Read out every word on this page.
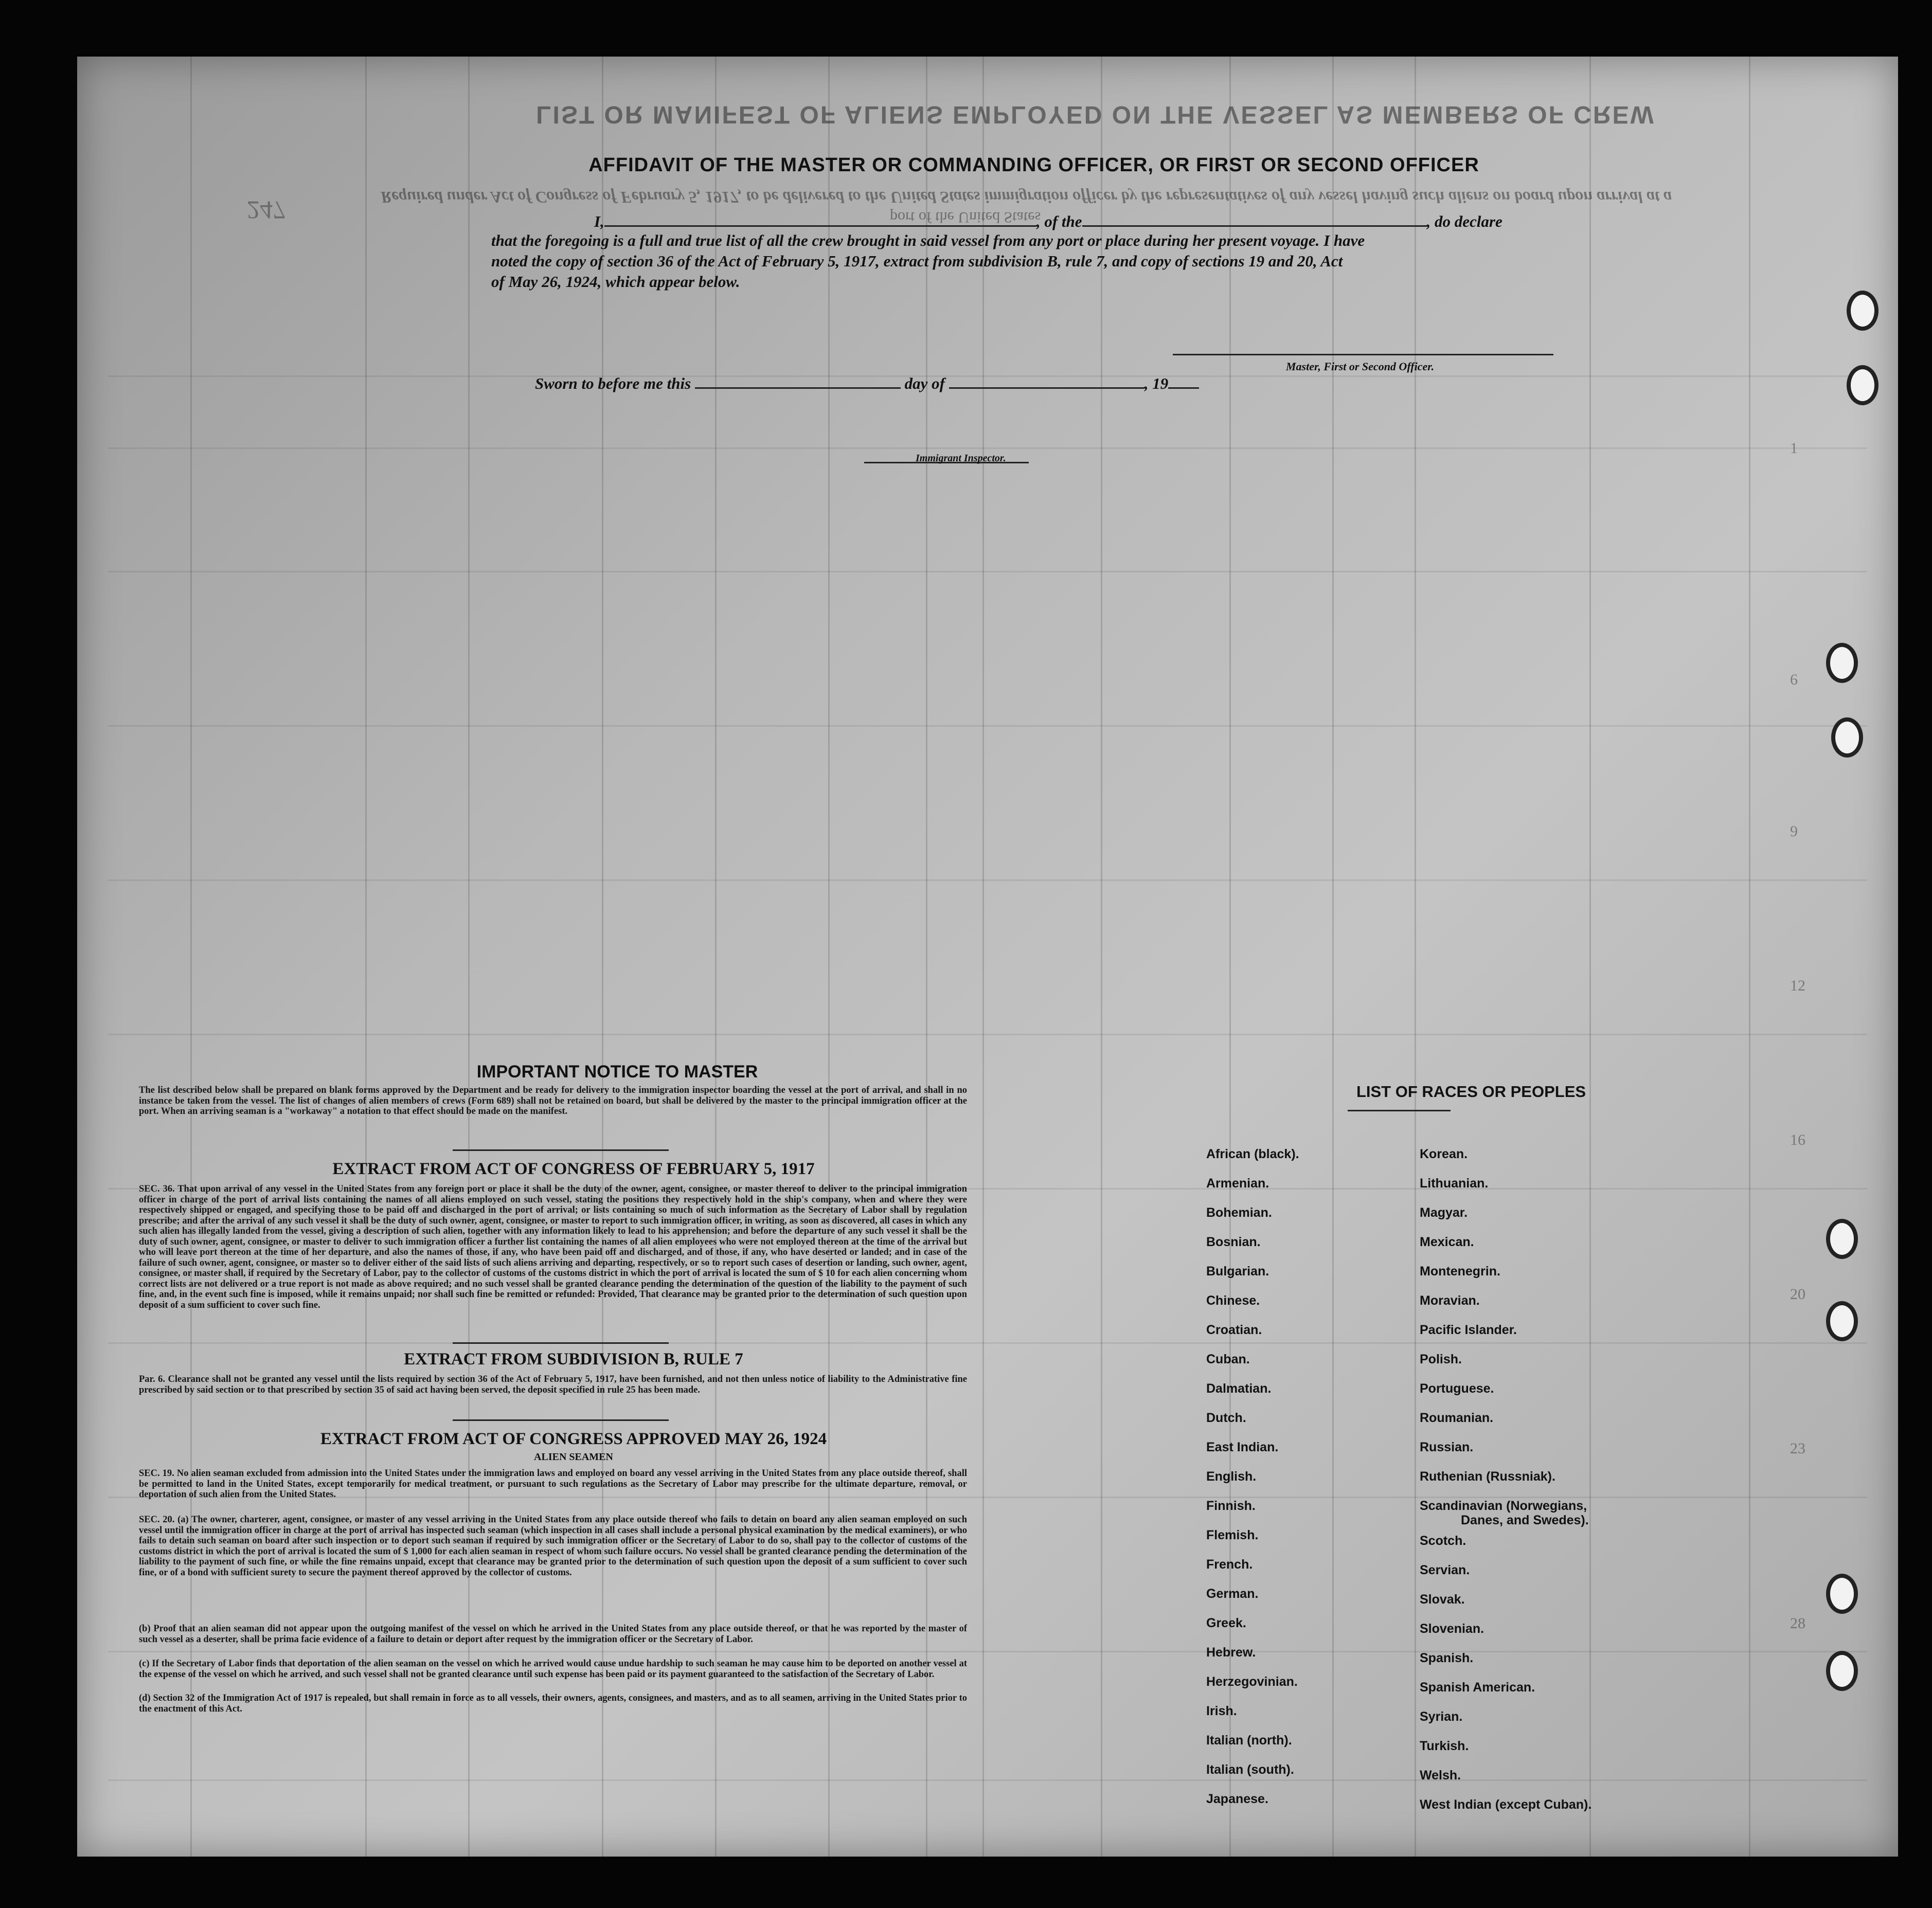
LIST OR MANIFEST OF ALIENS EMPLOYED ON THE VESSEL AS MEMBERS OF CREW
Required under Act of Congress of February 5, 1917, to be delivered to the United States immigration officer by the representatives of any vessel having such aliens on board upon arrival at a
port of the United States
247
1
6
9
12
16
20
23
28
AFFIDAVIT OF THE MASTER OR COMMANDING OFFICER, OR FIRST OR SECOND OFFICER
I,	, of the	, do declare
that the foregoing is a full and true list of all the crew brought in said vessel from any port or place during her present voyage. I have
noted the copy of section 36 of the Act of February 5, 1917, extract from subdivision B, rule 7, and copy of sections 19 and 20, Act
of May 26, 1924, which appear below.
Master, First or Second Officer.
Sworn to before me this	day of	, 19
Immigrant Inspector.
IMPORTANT NOTICE TO MASTER
The list described below shall be prepared on blank forms approved by the Department and be ready for delivery to the immigration inspector boarding the vessel at the port of arrival, and shall in no instance be taken from the vessel. The list of changes of alien members of crews (Form 689) shall not be retained on board, but shall be delivered by the master to the principal immigration officer at the port. When an arriving seaman is a "workaway" a notation to that effect should be made on the manifest.
EXTRACT FROM ACT OF CONGRESS OF FEBRUARY 5, 1917
SEC. 36. That upon arrival of any vessel in the United States from any foreign port or place it shall be the duty of the owner, agent, consignee, or master thereof to deliver to the principal immigration officer in charge of the port of arrival lists containing the names of all aliens employed on such vessel, stating the positions they respectively hold in the ship's company, when and where they were respectively shipped or engaged, and specifying those to be paid off and discharged in the port of arrival; or lists containing so much of such information as the Secretary of Labor shall by regulation prescribe; and after the arrival of any such vessel it shall be the duty of such owner, agent, consignee, or master to report to such immigration officer, in writing, as soon as discovered, all cases in which any such alien has illegally landed from the vessel, giving a description of such alien, together with any information likely to lead to his apprehension; and before the departure of any such vessel it shall be the duty of such owner, agent, consignee, or master to deliver to such immigration officer a further list containing the names of all alien employees who were not employed thereon at the time of the arrival but who will leave port thereon at the time of her departure, and also the names of those, if any, who have been paid off and discharged, and of those, if any, who have deserted or landed; and in case of the failure of such owner, agent, consignee, or master so to deliver either of the said lists of such aliens arriving and departing, respectively, or so to report such cases of desertion or landing, such owner, agent, consignee, or master shall, if required by the Secretary of Labor, pay to the collector of customs of the customs district in which the port of arrival is located the sum of $ 10 for each alien concerning whom correct lists are not delivered or a true report is not made as above required; and no such vessel shall be granted clearance pending the determination of the question of the liability to the payment of such fine, and, in the event such fine is imposed, while it remains unpaid; nor shall such fine be remitted or refunded: Provided, That clearance may be granted prior to the determination of such question upon deposit of a sum sufficient to cover such fine.
EXTRACT FROM SUBDIVISION B, RULE 7
Par. 6. Clearance shall not be granted any vessel until the lists required by section 36 of the Act of February 5, 1917, have been furnished, and not then unless notice of liability to the Administrative fine prescribed by said section or to that prescribed by section 35 of said act having been served, the deposit specified in rule 25 has been made.
EXTRACT FROM ACT OF CONGRESS APPROVED MAY 26, 1924
ALIEN SEAMEN
SEC. 19. No alien seaman excluded from admission into the United States under the immigration laws and employed on board any vessel arriving in the United States from any place outside thereof, shall be permitted to land in the United States, except temporarily for medical treatment, or pursuant to such regulations as the Secretary of Labor may prescribe for the ultimate departure, removal, or deportation of such alien from the United States.
SEC. 20. (a) The owner, charterer, agent, consignee, or master of any vessel arriving in the United States from any place outside thereof who fails to detain on board any alien seaman employed on such vessel until the immigration officer in charge at the port of arrival has inspected such seaman (which inspection in all cases shall include a personal physical examination by the medical examiners), or who fails to detain such seaman on board after such inspection or to deport such seaman if required by such immigration officer or the Secretary of Labor to do so, shall pay to the collector of customs of the customs district in which the port of arrival is located the sum of $ 1,000 for each alien seaman in respect of whom such failure occurs. No vessel shall be granted clearance pending the determination of the liability to the payment of such fine, or while the fine remains unpaid, except that clearance may be granted prior to the determination of such question upon the deposit of a sum sufficient to cover such fine, or of a bond with sufficient surety to secure the payment thereof approved by the collector of customs.
(b) Proof that an alien seaman did not appear upon the outgoing manifest of the vessel on which he arrived in the United States from any place outside thereof, or that he was reported by the master of such vessel as a deserter, shall be prima facie evidence of a failure to detain or deport after request by the immigration officer or the Secretary of Labor.
(c) If the Secretary of Labor finds that deportation of the alien seaman on the vessel on which he arrived would cause undue hardship to such seaman he may cause him to be deported on another vessel at the expense of the vessel on which he arrived, and such vessel shall not be granted clearance until such expense has been paid or its payment guaranteed to the satisfaction of the Secretary of Labor.
(d) Section 32 of the Immigration Act of 1917 is repealed, but shall remain in force as to all vessels, their owners, agents, consignees, and masters, and as to all seamen, arriving in the United States prior to the enactment of this Act.
LIST OF RACES OR PEOPLES
African (black).
Armenian.
Bohemian.
Bosnian.
Bulgarian.
Chinese.
Croatian.
Cuban.
Dalmatian.
Dutch.
East Indian.
English.
Finnish.
Flemish.
French.
German.
Greek.
Hebrew.
Herzegovinian.
Irish.
Italian (north).
Italian (south).
Japanese.
Korean.
Lithuanian.
Magyar.
Mexican.
Montenegrin.
Moravian.
Pacific Islander.
Polish.
Portuguese.
Roumanian.
Russian.
Ruthenian (Russniak).
Scandinavian (Norwegians,
Danes, and Swedes).
Scotch.
Servian.
Slovak.
Slovenian.
Spanish.
Spanish American.
Syrian.
Turkish.
Welsh.
West Indian (except Cuban).
